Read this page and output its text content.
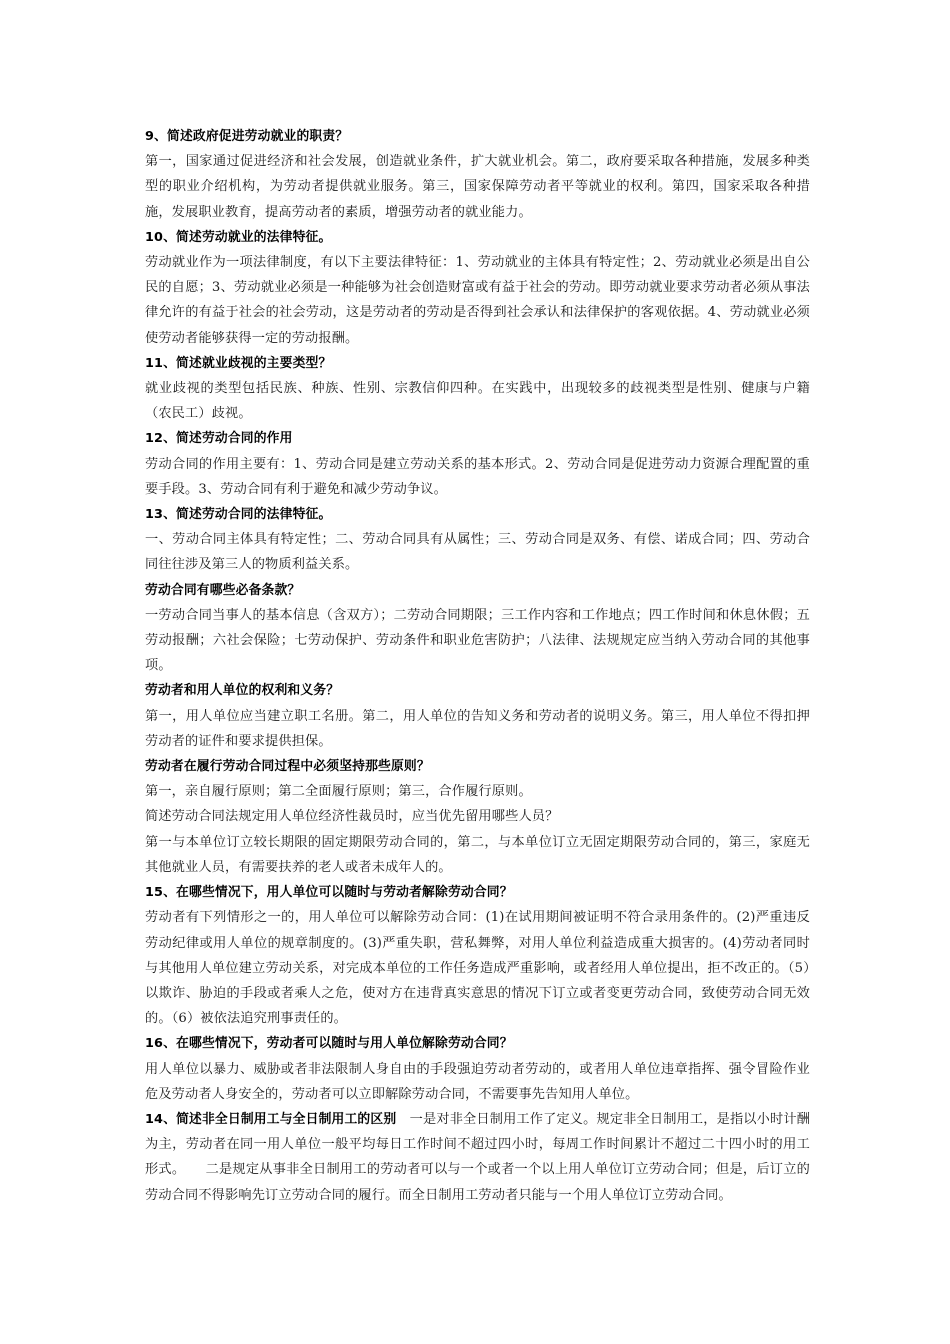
9、简述政府促进劳动就业的职责？
第一，国家通过促进经济和社会发展，创造就业条件，扩大就业机会。第二，政府要采取各种措施，发展多种类型的职业介绍机构，为劳动者提供就业服务。第三，国家保障劳动者平等就业的权利。第四，国家采取各种措施，发展职业教育，提高劳动者的素质，增强劳动者的就业能力。
10、简述劳动就业的法律特征。
劳动就业作为一项法律制度，有以下主要法律特征：1、劳动就业的主体具有特定性；2、劳动就业必须是出自公民的自愿；3、劳动就业必须是一种能够为社会创造财富或有益于社会的劳动。即劳动就业要求劳动者必须从事法律允许的有益于社会的社会劳动，这是劳动者的劳动是否得到社会承认和法律保护的客观依据。4、劳动就业必须使劳动者能够获得一定的劳动报酬。
11、简述就业歧视的主要类型？
就业歧视的类型包括民族、种族、性别、宗教信仰四种。在实践中，出现较多的歧视类型是性别、健康与户籍（农民工）歧视。
12、简述劳动合同的作用
劳动合同的作用主要有：1、劳动合同是建立劳动关系的基本形式。2、劳动合同是促进劳动力资源合理配置的重要手段。3、劳动合同有利于避免和减少劳动争议。
13、简述劳动合同的法律特征。
一、劳动合同主体具有特定性；二、劳动合同具有从属性；三、劳动合同是双务、有偿、诺成合同；四、劳动合同往往涉及第三人的物质利益关系。
劳动合同有哪些必备条款？
一劳动合同当事人的基本信息（含双方）；二劳动合同期限；三工作内容和工作地点；四工作时间和休息休假；五劳动报酬；六社会保险；七劳动保护、劳动条件和职业危害防护；八法律、法规规定应当纳入劳动合同的其他事项。
劳动者和用人单位的权利和义务？
第一，用人单位应当建立职工名册。第二，用人单位的告知义务和劳动者的说明义务。第三，用人单位不得扣押劳动者的证件和要求提供担保。
劳动者在履行劳动合同过程中必须坚持那些原则？
第一，亲自履行原则；第二全面履行原则；第三，合作履行原则。
简述劳动合同法规定用人单位经济性裁员时，应当优先留用哪些人员？
第一与本单位订立较长期限的固定期限劳动合同的，第二，与本单位订立无固定期限劳动合同的，第三，家庭无其他就业人员，有需要扶养的老人或者未成年人的。
15、在哪些情况下，用人单位可以随时与劳动者解除劳动合同？
劳动者有下列情形之一的，用人单位可以解除劳动合同：(1)在试用期间被证明不符合录用条件的。(2)严重违反劳动纪律或用人单位的规章制度的。(3)严重失职，营私舞弊，对用人单位利益造成重大损害的。(4)劳动者同时与其他用人单位建立劳动关系，对完成本单位的工作任务造成严重影响，或者经用人单位提出，拒不改正的。（5）以欺诈、胁迫的手段或者乘人之危，使对方在违背真实意思的情况下订立或者变更劳动合同，致使劳动合同无效的。（6）被依法追究刑事责任的。
16、在哪些情况下，劳动者可以随时与用人单位解除劳动合同？
用人单位以暴力、威胁或者非法限制人身自由的手段强迫劳动者劳动的，或者用人单位违章指挥、强令冒险作业危及劳动者人身安全的，劳动者可以立即解除劳动合同，不需要事先告知用人单位。
14、简述非全日制用工与全日制用工的区别　一是对非全日制用工作了定义。规定非全日制用工，是指以小时计酬为主，劳动者在同一用人单位一般平均每日工作时间不超过四小时，每周工作时间累计不超过二十四小时的用工形式。　　二是规定从事非全日制用工的劳动者可以与一个或者一个以上用人单位订立劳动合同；但是，后订立的劳动合同不得影响先订立劳动合同的履行。而全日制用工劳动者只能与一个用人单位订立劳动合同。
